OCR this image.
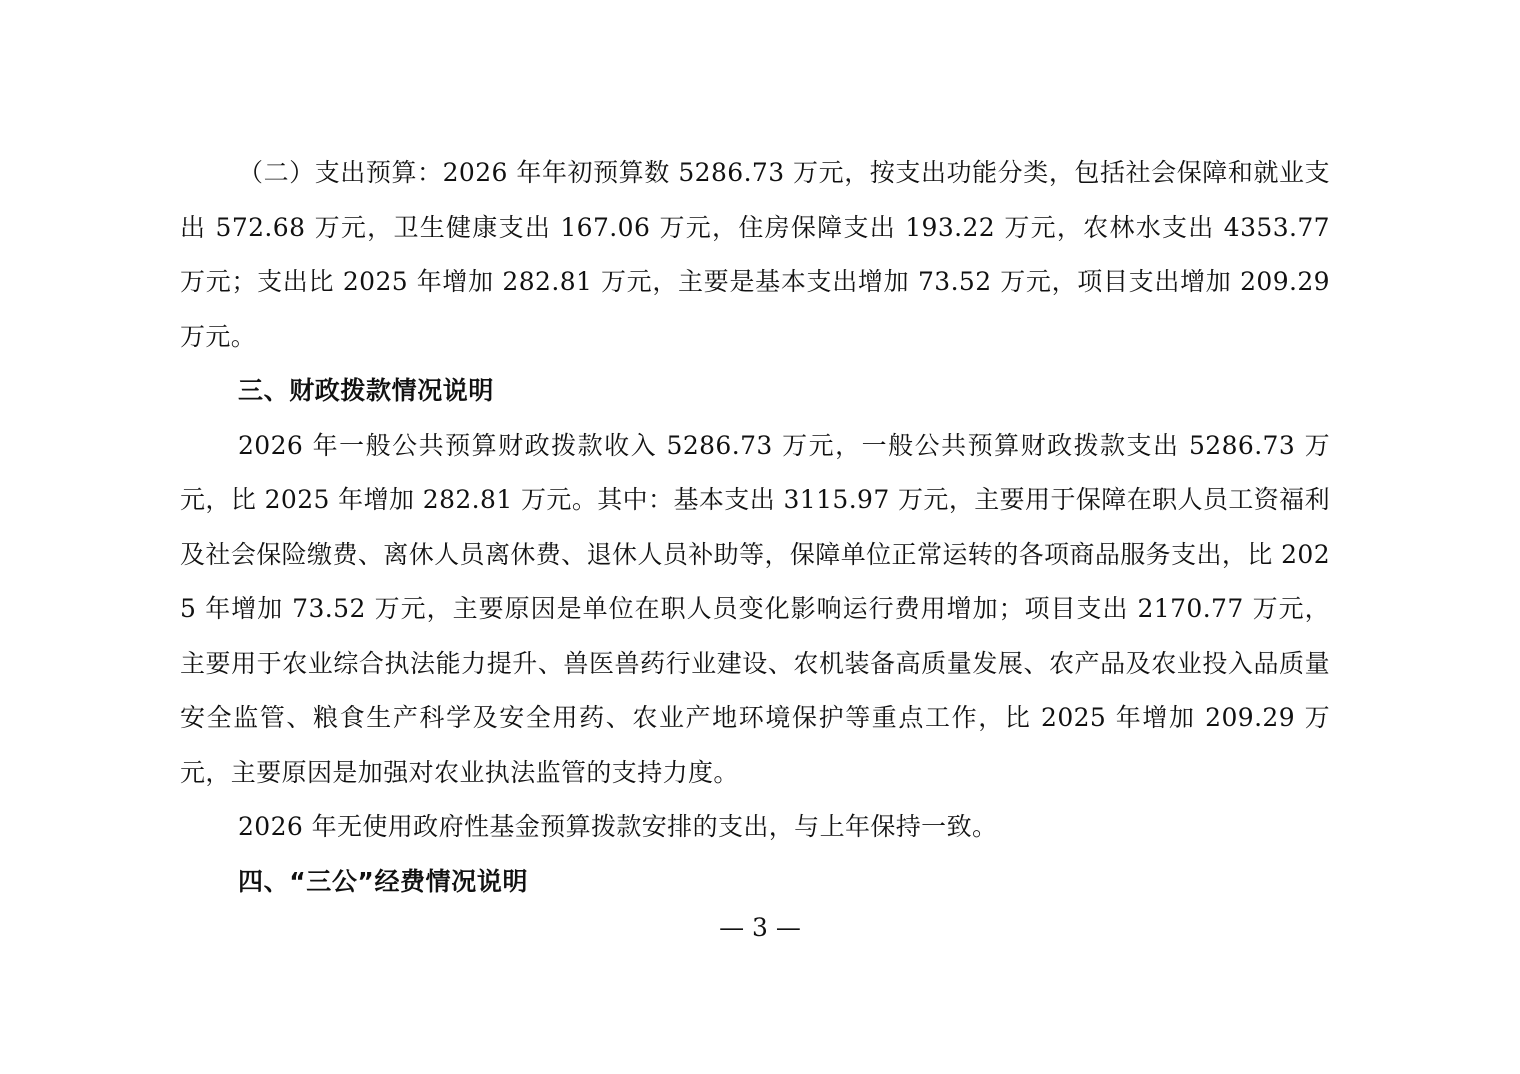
（二）支出预算：2026 年年初预算数 5286.73 万元，按支出功能分类，包括社会保障和就业支出 572.68 万元，卫生健康支出 167.06 万元，住房保障支出 193.22 万元，农林水支出 4353.77 万元；支出比 2025 年增加 282.81 万元，主要是基本支出增加 73.52 万元，项目支出增加 209.29 万元。

三、财政拨款情况说明

2026 年一般公共预算财政拨款收入 5286.73 万元，一般公共预算财政拨款支出 5286.73 万元，比 2025 年增加 282.81 万元。其中：基本支出 3115.97 万元，主要用于保障在职人员工资福利及社会保险缴费、离休人员离休费、退休人员补助等，保障单位正常运转的各项商品服务支出，比 2025 年增加 73.52 万元，主要原因是单位在职人员变化影响运行费用增加；项目支出 2170.77 万元，主要用于农业综合执法能力提升、兽医兽药行业建设、农机装备高质量发展、农产品及农业投入品质量安全监管、粮食生产科学及安全用药、农业产地环境保护等重点工作，比 2025 年增加 209.29 万元，主要原因是加强对农业执法监管的支持力度。

2026 年无使用政府性基金预算拨款安排的支出，与上年保持一致。

四、“三公”经费情况说明

— 3 —
